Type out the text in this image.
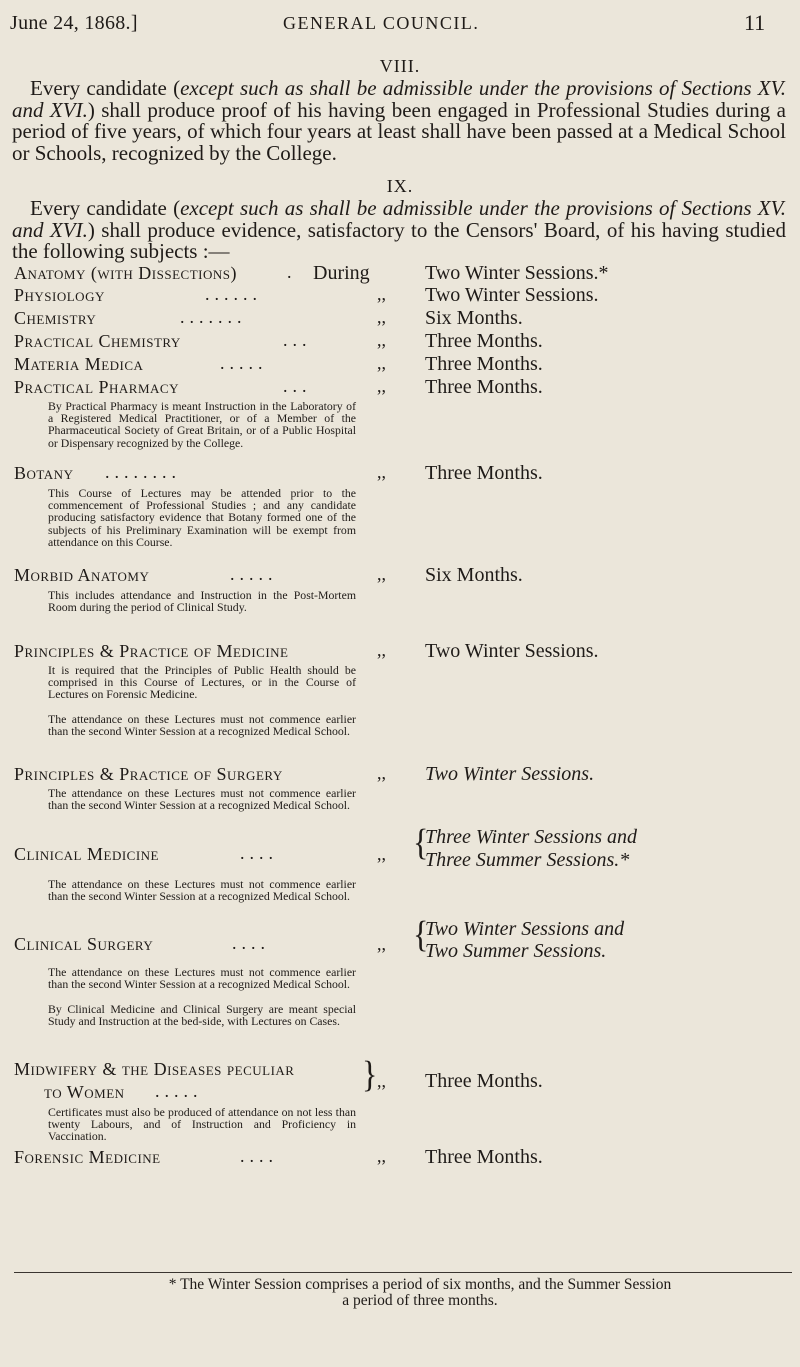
June 24, 1868.]	GENERAL COUNCIL.	11
VIII.
Every candidate (except such as shall be admissible under the provisions of Sections XV. and XVI.) shall produce proof of his having been engaged in Professional Studies during a period of five years, of which four years at least shall have been passed at a Medical School or Schools, recognized by the College.
IX.
Every candidate (except such as shall be admissible under the provisions of Sections XV. and XVI.) shall produce evidence, satisfactory to the Censors' Board, of his having studied the following subjects :—
Anatomy (with Dissections)	. During	Two Winter Sessions.*
Physiology	......	,, Two Winter Sessions.
Chemistry	.......	,, Six Months.
Practical Chemistry	...	,, Three Months.
Materia Medica	.....	,, Three Months.
Practical Pharmacy	...	,, Three Months.
By Practical Pharmacy is meant Instruction in the Laboratory of a Registered Medical Practitioner, or of a Member of the Pharmaceutical Society of Great Britain, or of a Public Hospital or Dispensary recognized by the College.
Botany ........	,, Three Months.
This Course of Lectures may be attended prior to the commencement of Professional Studies ; and any candidate producing satisfactory evidence that Botany formed one of the subjects of his Preliminary Examination will be exempt from attendance on this Course.
Morbid Anatomy	.....	,, Six Months.
This includes attendance and Instruction in the Post-Mortem Room during the period of Clinical Study.
Principles & Practice of Medicine	,, Two Winter Sessions.
It is required that the Principles of Public Health should be comprised in this Course of Lectures, or in the Course of Lectures on Forensic Medicine.
The attendance on these Lectures must not commence earlier than the second Winter Session at a recognized Medical School.
Principles & Practice of Surgery	,, Two Winter Sessions.
The attendance on these Lectures must not commence earlier than the second Winter Session at a recognized Medical School.
Clinical Medicine	....	,, {
Three Winter Sessions and
Three Summer Sessions.*
The attendance on these Lectures must not commence earlier than the second Winter Session at a recognized Medical School.
Clinical Surgery	....	,, {
Two Winter Sessions and
Two Summer Sessions.
The attendance on these Lectures must not commence earlier than the second Winter Session at a recognized Medical School.
By Clinical Medicine and Clinical Surgery are meant special Study and Instruction at the bed-side, with Lectures on Cases.
Midwifery & the Diseases peculiar
to Women .....	{ ,, Three Months.
Certificates must also be produced of attendance on not less than twenty Labours, and of Instruction and Proficiency in Vaccination.
Forensic Medicine	....	,, Three Months.
* The Winter Session comprises a period of six months, and the Summer Session
a period of three months.
